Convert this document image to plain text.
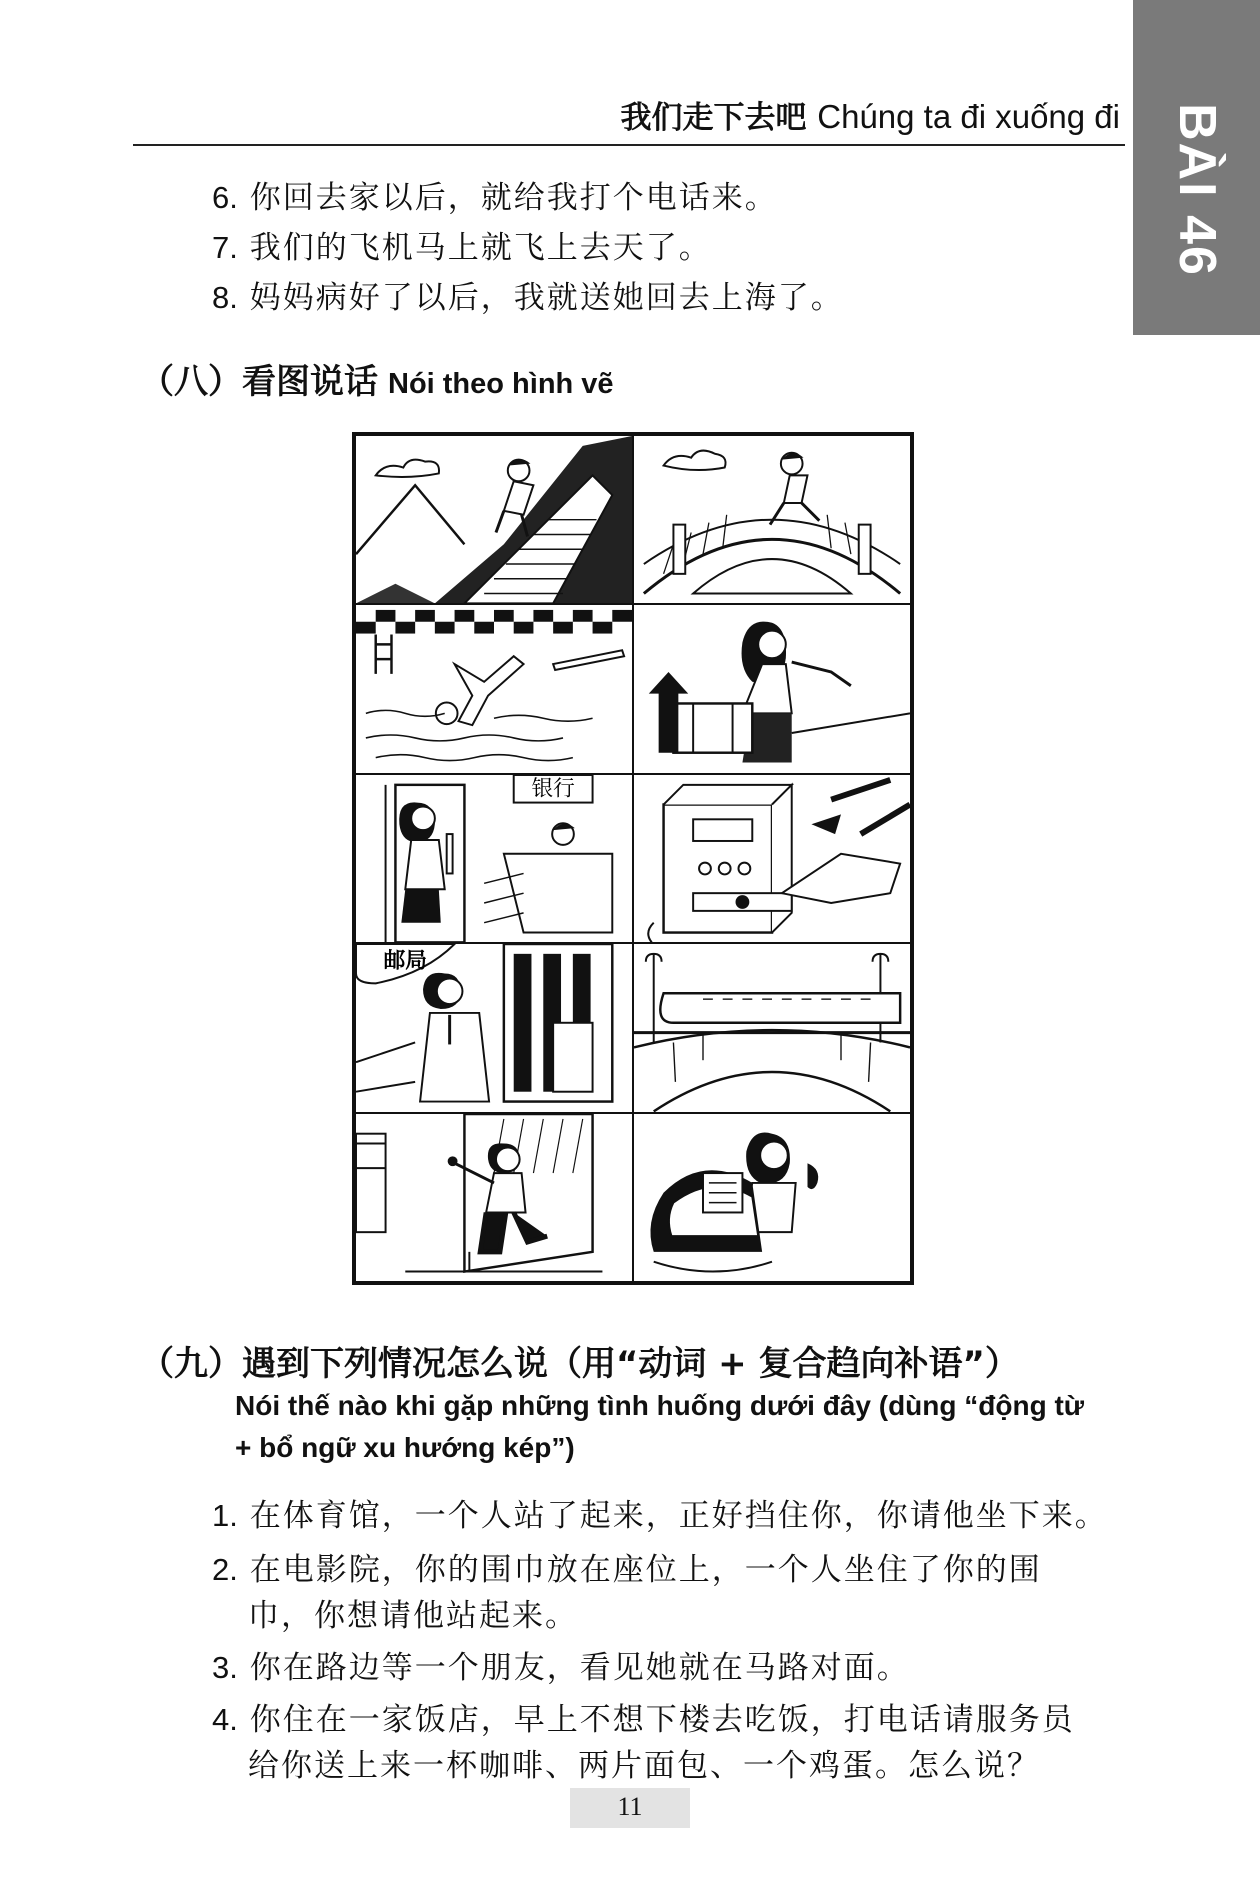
我们走下去吧 Chúng ta đi xuống đi BÀI 46
6. 你回去家以后，就给我打个电话来。
7. 我们的飞机马上就飞上去天了。
8. 妈妈病好了以后，我就送她回去上海了。
（八）看图说话 Nói theo hình vẽ
银行
邮局
（九）遇到下列情况怎么说（用“动词 + 复合趋向补语”）
Nói thế nào khi gặp những tình huống dưới đây (dùng “động từ
+ bổ ngữ xu hướng kép”)
1. 在体育馆，一个人站了起来，正好挡住你，你请他坐下来。
2. 在电影院，你的围巾放在座位上，一个人坐住了你的围
巾，你想请他站起来。
3. 你在路边等一个朋友，看见她就在马路对面。
4. 你住在一家饭店，早上不想下楼去吃饭，打电话请服务员
给你送上来一杯咖啡、两片面包、一个鸡蛋。怎么说？
11
